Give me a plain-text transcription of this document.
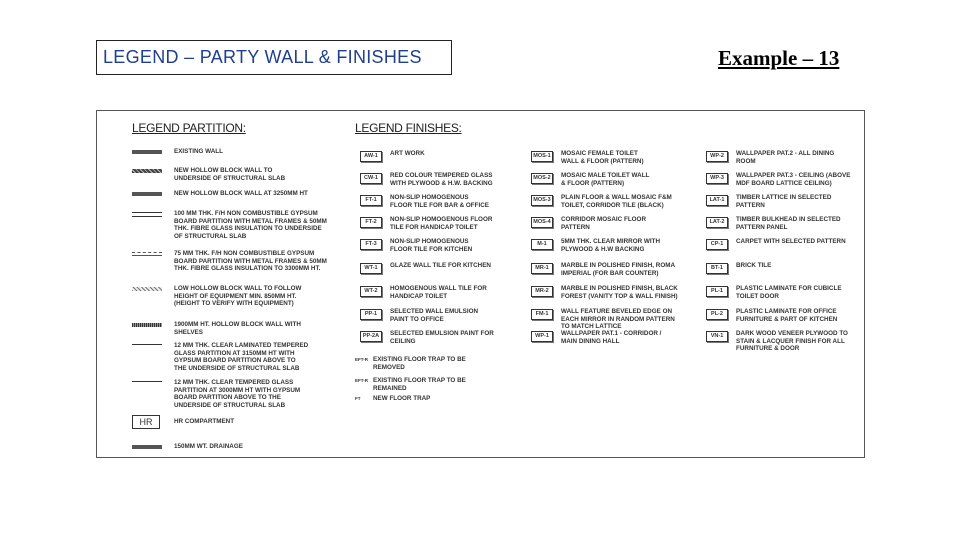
LEGEND – PARTY WALL & FINISHES	Example – 13
LEGEND PARTITION:	LEGEND FINISHES:
EXISTING WALL
NEW HOLLOW BLOCK WALL TO
UNDERSIDE OF STRUCTURAL SLAB
NEW HOLLOW BLOCK WALL AT 3250MM HT
100 MM THK. F/H NON COMBUSTIBLE GYPSUM
BOARD PARTITION WITH METAL FRAMES & 50MM
THK. FIBRE GLASS INSULATION TO UNDERSIDE
OF STRUCTURAL SLAB
75 MM THK. F/H NON COMBUSTIBLE GYPSUM
BOARD PARTITION WITH METAL FRAMES & 50MM
THK. FIBRE GLASS INSULATION TO 3300MM HT.
LOW HOLLOW BLOCK WALL TO FOLLOW
HEIGHT OF EQUIPMENT MIN. 850MM HT.
(HEIGHT TO VERIFY WITH EQUIPMENT)
1900MM HT. HOLLOW BLOCK WALL WITH
SHELVES
12 MM THK. CLEAR LAMINATED TEMPERED
GLASS PARTITION AT 3150MM HT WITH
GYPSUM BOARD PARTITION ABOVE TO
THE UNDERSIDE OF STRUCTURAL SLAB
12 MM THK. CLEAR TEMPERED GLASS
PARTITION AT 3000MM HT WITH GYPSUM
BOARD PARTITION ABOVE TO THE
UNDERSIDE OF STRUCTURAL SLAB
HR	HR COMPARTMENT
150MM WT. DRAINAGE
AW-1	ART WORK
CW-1	RED COLOUR TEMPERED GLASS
WITH PLYWOOD & H.W. BACKING
FT-1	NON-SLIP HOMOGENOUS
FLOOR TILE FOR BAR & OFFICE
FT-2	NON-SLIP HOMOGENOUS FLOOR
TILE FOR HANDICAP TOILET
FT-3	NON-SLIP HOMOGENOUS
FLOOR TILE FOR KITCHEN
WT-1	GLAZE WALL TILE FOR KITCHEN
WT-2	HOMOGENOUS WALL TILE FOR
HANDICAP TOILET
PP-1	SELECTED WALL EMULSION
PAINT TO OFFICE
PP-2A	SELECTED EMULSION PAINT FOR
CEILING
MOS-1	MOSAIC FEMALE TOILET
WALL & FLOOR (PATTERN)
MOS-2	MOSAIC MALE TOILET WALL
& FLOOR (PATTERN)
MOS-3	PLAIN FLOOR & WALL MOSAIC F&M
TOILET, CORRIDOR TILE (BLACK)
MOS-4	CORRIDOR MOSAIC FLOOR
PATTERN
M-1	5MM THK. CLEAR MIRROR WITH
PLYWOOD & H.W BACKING
MR-1	MARBLE IN POLISHED FINISH, ROMA
IMPERIAL (FOR BAR COUNTER)
MR-2	MARBLE IN POLISHED FINISH, BLACK
FOREST (VANITY TOP & WALL FINISH)
FM-1	WALL FEATURE BEVELED EDGE ON
EACH MIRROR IN RANDOM PATTERN
TO MATCH LATTICE
WP-1	WALLPAPER PAT.1 - CORRIDOR /
MAIN DINING HALL
WP-2	WALLPAPER PAT.2 - ALL DINING
ROOM
WP-3	WALLPAPER PAT.3 - CEILING (ABOVE
MDF BOARD LATTICE CEILING)
LAT-1	TIMBER LATTICE IN SELECTED
PATTERN
LAT-2	TIMBER BULKHEAD IN SELECTED
PATTERN PANEL
CP-1	CARPET WITH SELECTED PATTERN
BT-1	BRICK TILE
PL-1	PLASTIC LAMINATE FOR CUBICLE
TOILET DOOR
PL-2	PLASTIC LAMINATE FOR OFFICE
FURNITURE & PART OF KITCHEN
VN-1	DARK WOOD VENEER PLYWOOD TO
STAIN & LACQUER FINISH FOR ALL
FURNITURE & DOOR
EFT-R EXISTING FLOOR TRAP TO BE
REMOVED
EFT-R EXISTING FLOOR TRAP TO BE
REMAINED
FT NEW FLOOR TRAP
